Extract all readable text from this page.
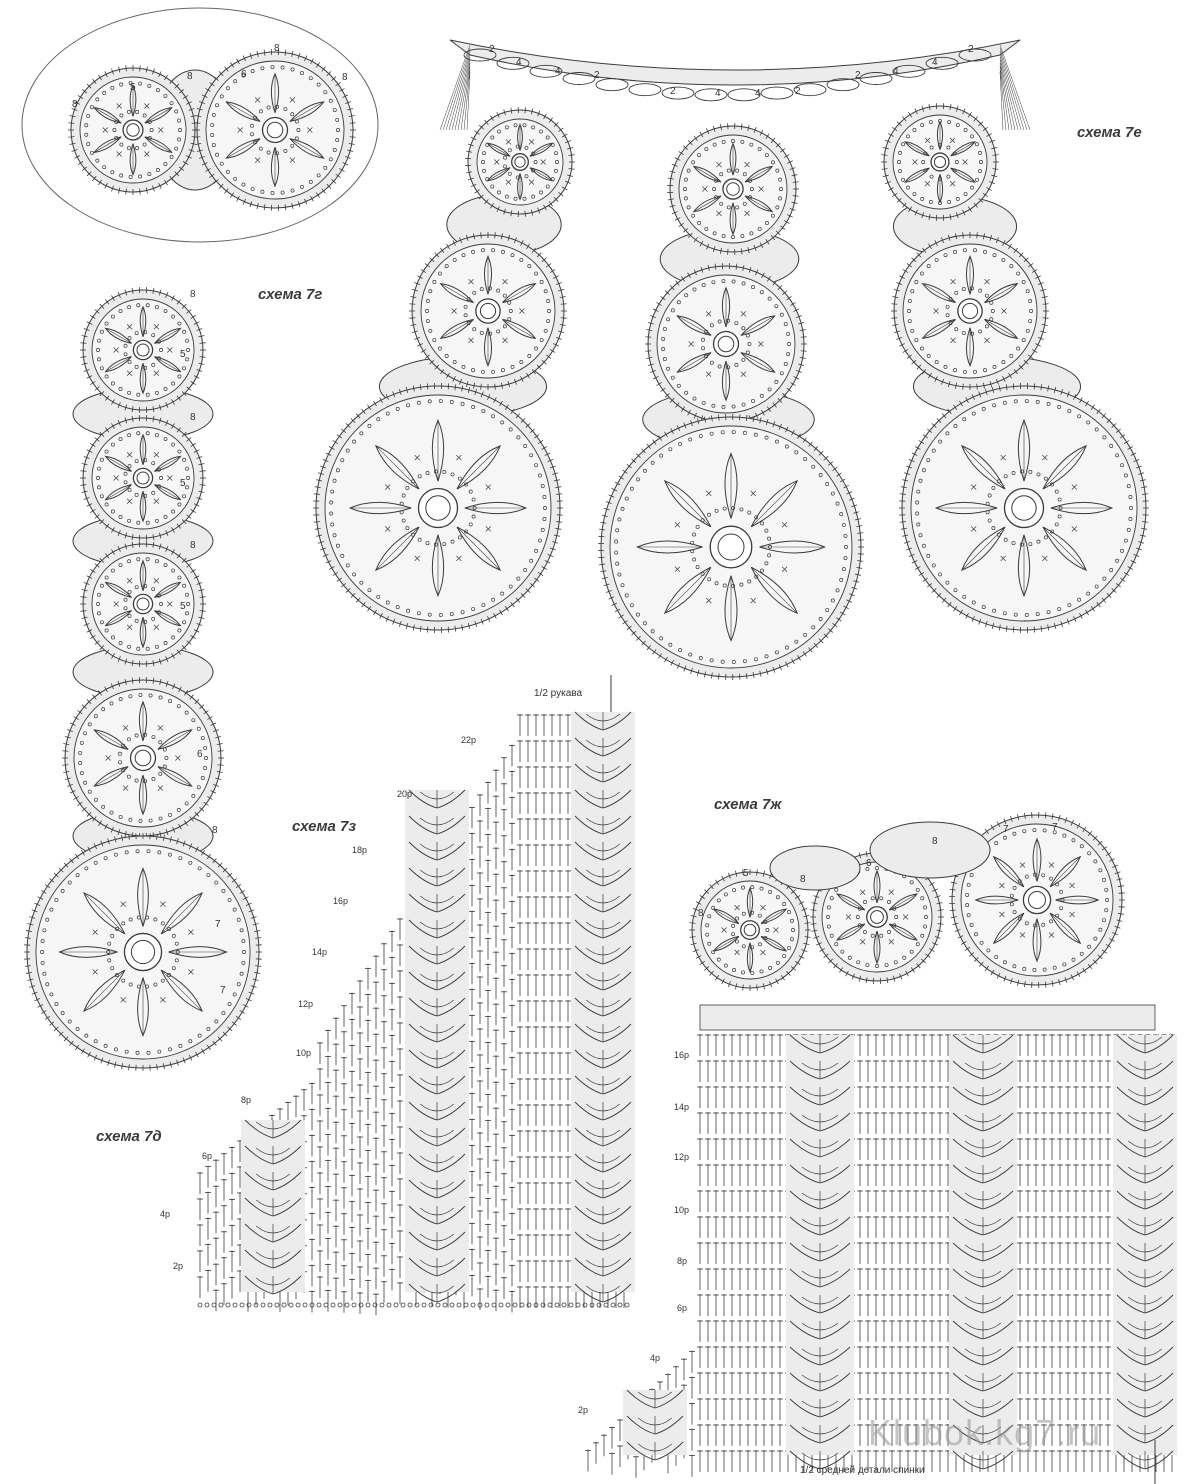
схема 7г
схема 7д
схема 7е
схема 7ж
схема 7з
1/2 рукава
1/2 средней детали спинки
2р
4р
6р
8р
10р
12р
14р
16р
18р
20р
22р
2р
4р
6р
8р
10р
12р
14р
16р
5
6
8
8
8
8
5
5
5
6
7
7
8
8
8
8
5
6
7	7
8
8
8
2
4
4	2
2	4	4	2
2	4
4
2
Klubok.kg7.ru
